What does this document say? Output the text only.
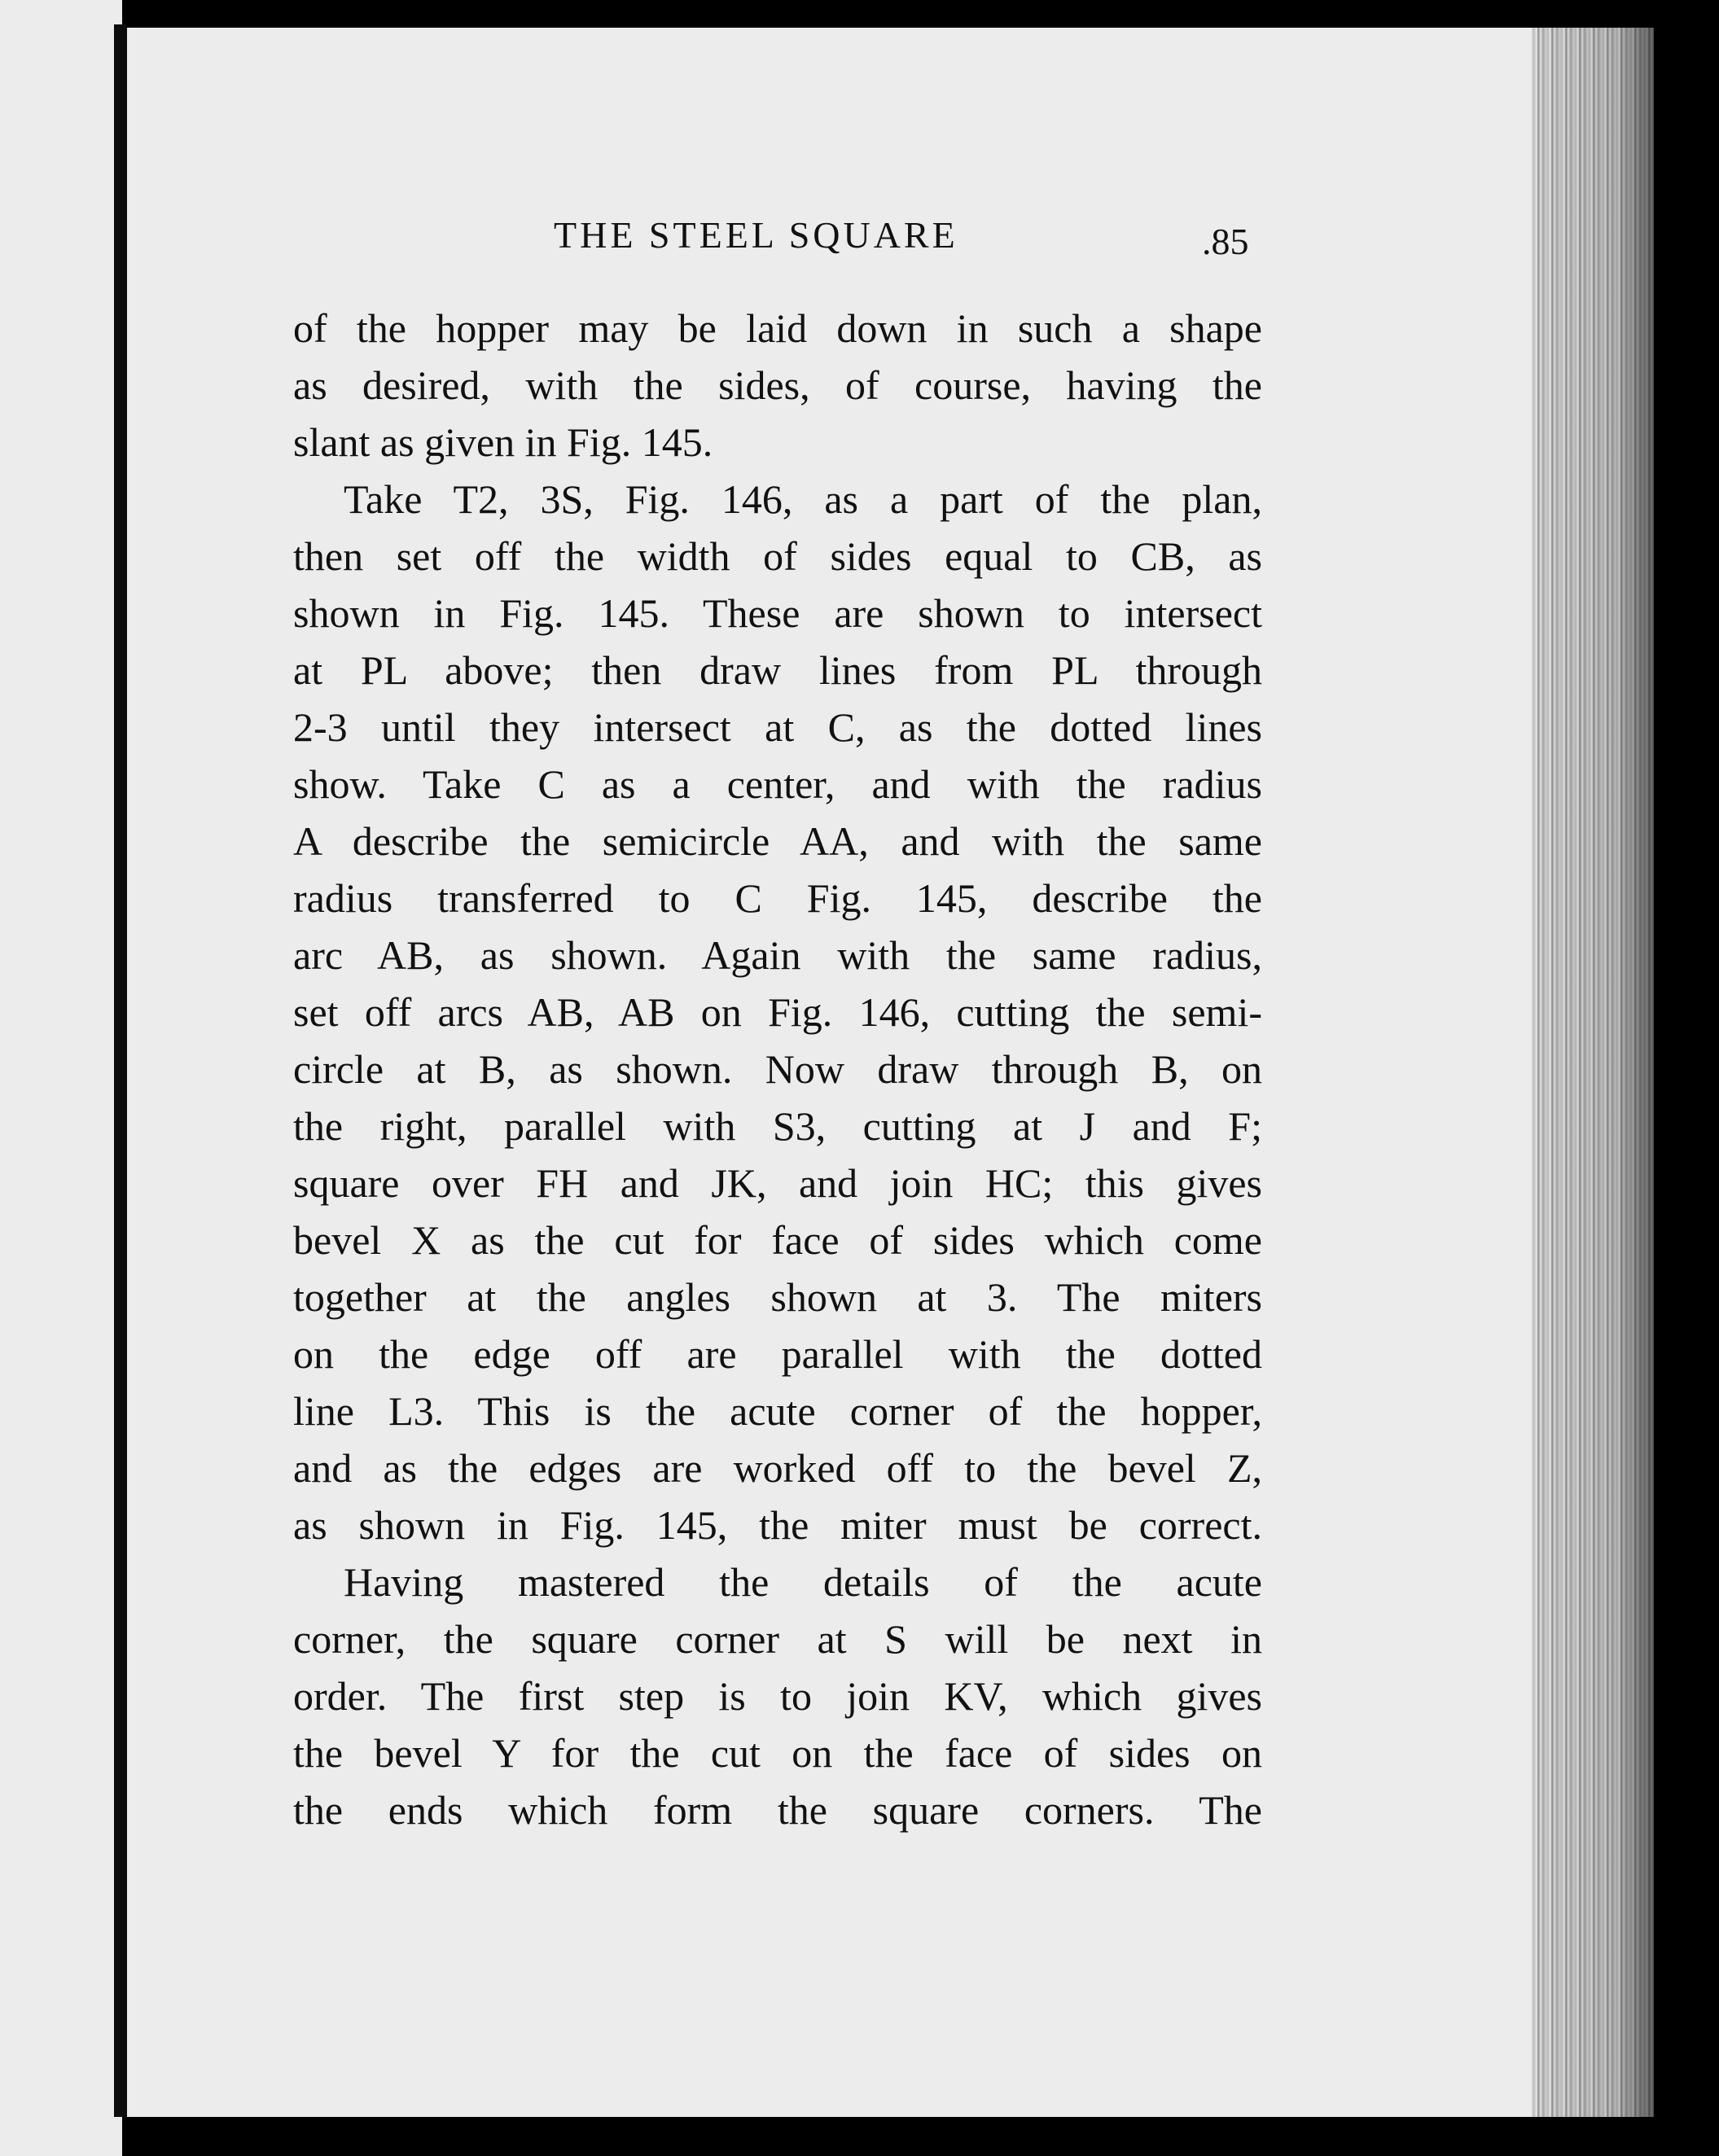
THE STEEL SQUARE	.85
of the hopper may be laid down in such a shape
as desired, with the sides, of course, having the
slant as given in Fig. 145.
Take T2, 3S, Fig. 146, as a part of the plan,
then set off the width of sides equal to CB, as
shown in Fig. 145. These are shown to intersect
at PL above; then draw lines from PL through
2-3 until they intersect at C, as the dotted lines
show. Take C as a center, and with the radius
A describe the semicircle AA, and with the same
radius transferred to C Fig. 145, describe the
arc AB, as shown. Again with the same radius,
set off arcs AB, AB on Fig. 146, cutting the semi-
circle at B, as shown. Now draw through B, on
the right, parallel with S3, cutting at J and F;
square over FH and JK, and join HC; this gives
bevel X as the cut for face of sides which come
together at the angles shown at 3. The miters
on the edge off are parallel with the dotted
line L3. This is the acute corner of the hopper,
and as the edges are worked off to the bevel Z,
as shown in Fig. 145, the miter must be correct.
Having mastered the details of the acute
corner, the square corner at S will be next in
order. The first step is to join KV, which gives
the bevel Y for the cut on the face of sides on
the ends which form the square corners. The
